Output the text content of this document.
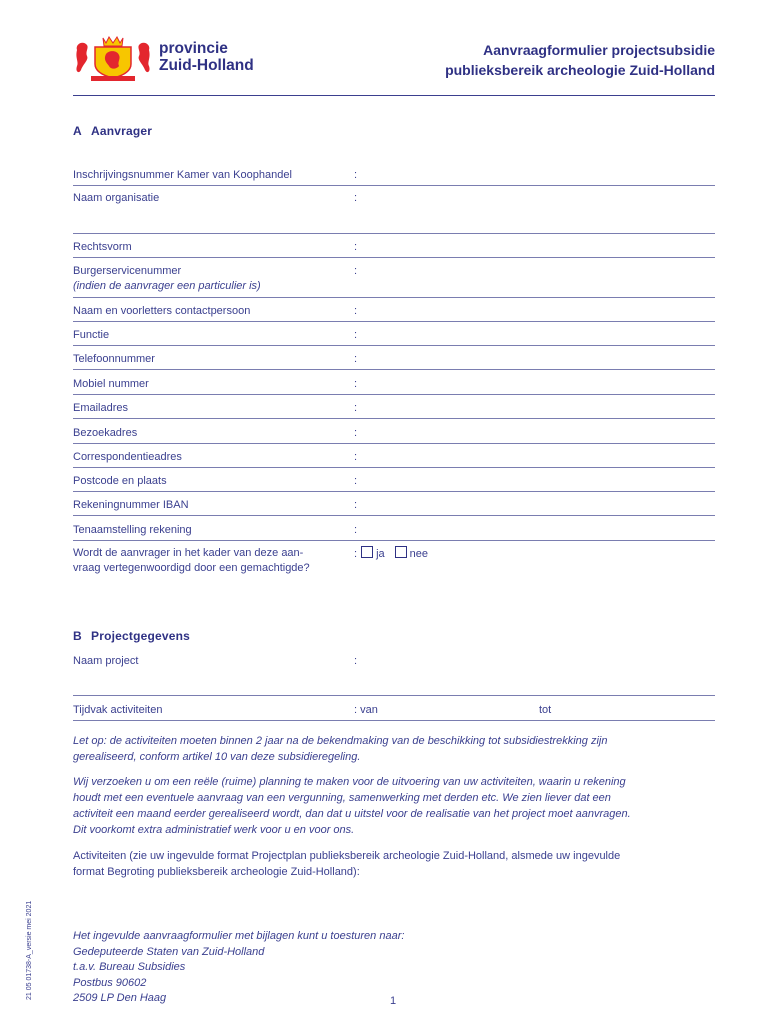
provincie
Zuid-Holland
Aanvraagformulier projectsubsidie
publieksbereik archeologie Zuid-Holland
A Aanvrager
Inschrijvingsnummer Kamer van Koophandel	:
Naam organisatie	:
Rechtsvorm	:
Burgerservicenummer
(indien de aanvrager een particulier is)
:
Naam en voorletters contactpersoon	:
Functie	:
Telefoonnummer	:
Mobiel nummer	:
Emailadres	:
Bezoekadres	:
Correspondentieadres	:
Postcode en plaats	:
Rekeningnummer IBAN	:
Tenaamstelling rekening	:
Wordt de aanvrager in het kader van deze aan-
vraag vertegenwoordigd door een gemachtigde?
: ja nee
B Projectgegevens
Naam project	:
Tijdvak activiteiten	: van	tot
Let op: de activiteiten moeten binnen 2 jaar na de bekendmaking van de beschikking tot subsidiestrekking zijn
gerealiseerd, conform artikel 10 van deze subsidieregeling.
Wij verzoeken u om een reële (ruime) planning te maken voor de uitvoering van uw activiteiten, waarin u rekening
houdt met een eventuele aanvraag van een vergunning, samenwerking met derden etc. We zien liever dat een
activiteit een maand eerder gerealiseerd wordt, dan dat u uitstel voor de realisatie van het project moet aanvragen.
Dit voorkomt extra administratief werk voor u en voor ons.
Activiteiten (zie uw ingevulde format Projectplan publieksbereik archeologie Zuid-Holland, alsmede uw ingevulde
format Begroting publieksbereik archeologie Zuid-Holland):
Het ingevulde aanvraagformulier met bijlagen kunt u toesturen naar:
Gedeputeerde Staten van Zuid-Holland
t.a.v. Bureau Subsidies
Postbus 90602
2509 LP Den Haag	1
21 05 01738-A_versie mei 2021
